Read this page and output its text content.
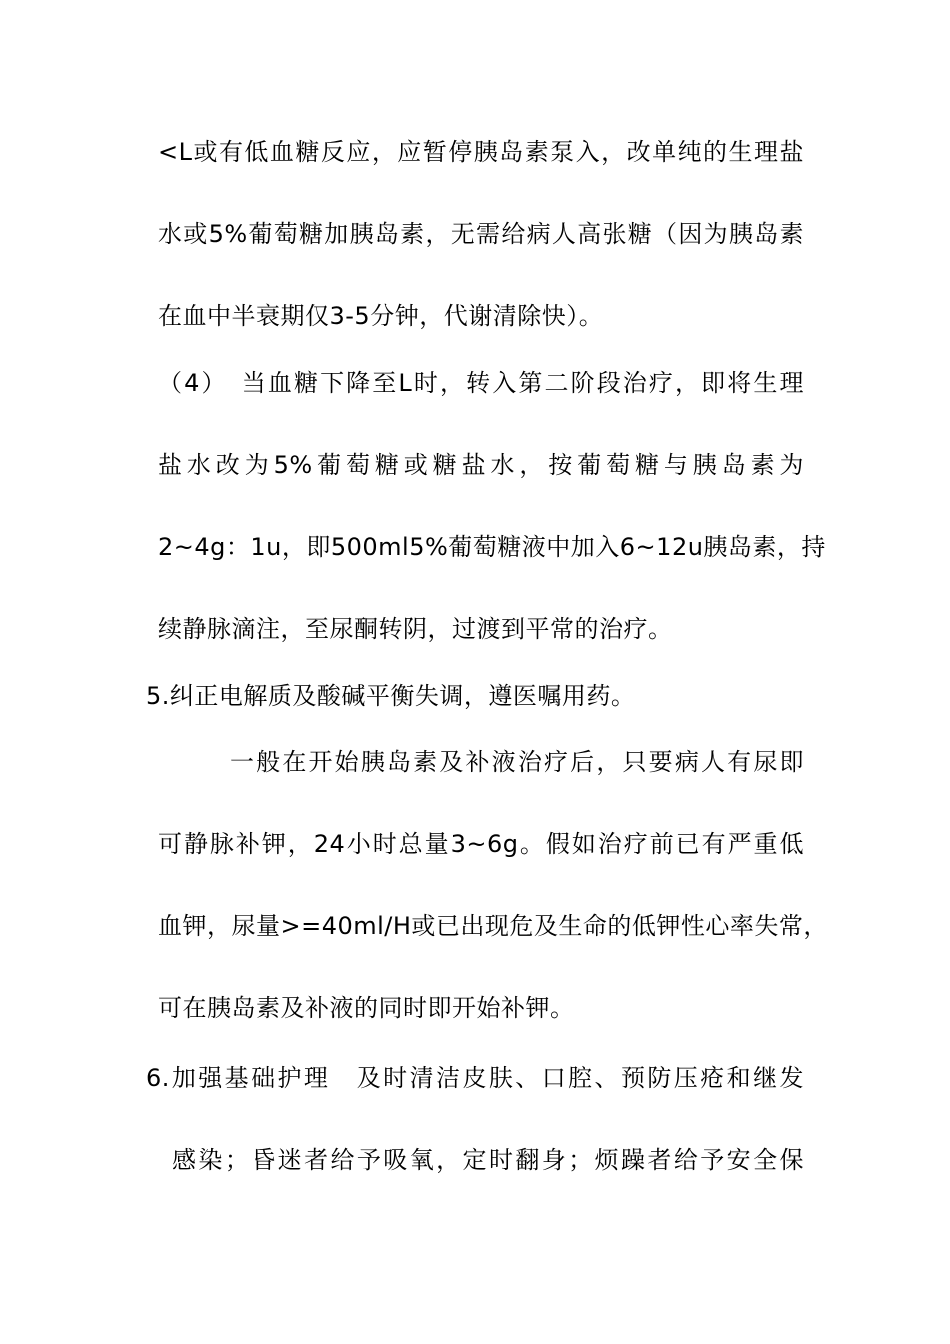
<L或有低血糖反应，应暂停胰岛素泵入，改单纯的生理盐
水或5%葡萄糖加胰岛素，无需给病人高张糖（因为胰岛素
在血中半衰期仅3-5分钟，代谢清除快）。
（4）　当血糖下降至L时，转入第二阶段治疗，即将生理
盐水改为5%葡萄糖或糖盐水，按葡萄糖与胰岛素为
2~4g：1u，即500ml5%葡萄糖液中加入6~12u胰岛素，持
续静脉滴注，至尿酮转阴，过渡到平常的治疗。
5.纠正电解质及酸碱平衡失调，遵医嘱用药。
一般在开始胰岛素及补液治疗后，只要病人有尿即
可静脉补钾，24小时总量3~6g。假如治疗前已有严重低
血钾，尿量>=40ml/H或已出现危及生命的低钾性心率失常，
可在胰岛素及补液的同时即开始补钾。
6.加强基础护理　及时清洁皮肤、口腔、预防压疮和继发
感染；昏迷者给予吸氧，定时翻身；烦躁者给予安全保
